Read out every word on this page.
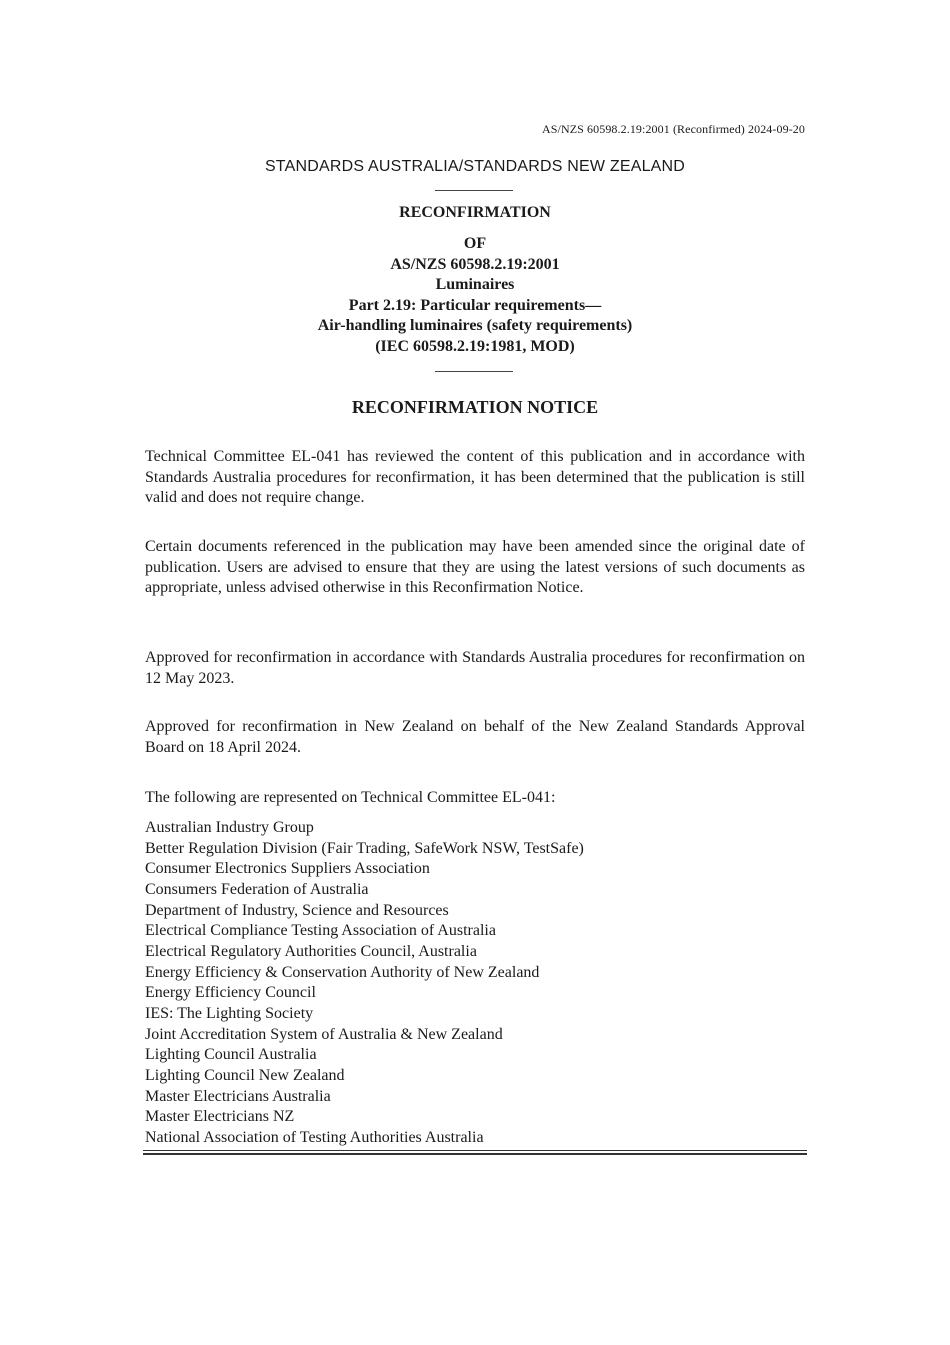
AS/NZS 60598.2.19:2001 (Reconfirmed) 2024-09-20
STANDARDS AUSTRALIA/STANDARDS NEW ZEALAND
RECONFIRMATION
OF
AS/NZS 60598.2.19:2001
Luminaires
Part 2.19: Particular requirements—
Air-handling luminaires (safety requirements)
(IEC 60598.2.19:1981, MOD)
RECONFIRMATION NOTICE

Technical Committee EL-041 has reviewed the content of this publication and in accordance with Standards Australia procedures for reconfirmation, it has been determined that the publication is still valid and does not require change.

Certain documents referenced in the publication may have been amended since the original date of publication. Users are advised to ensure that they are using the latest versions of such documents as appropriate, unless advised otherwise in this Reconfirmation Notice.

Approved for reconfirmation in accordance with Standards Australia procedures for reconfirmation on 12 May 2023.

Approved for reconfirmation in New Zealand on behalf of the New Zealand Standards Approval Board on 18 April 2024.

The following are represented on Technical Committee EL-041:

Australian Industry Group
Better Regulation Division (Fair Trading, SafeWork NSW, TestSafe)
Consumer Electronics Suppliers Association
Consumers Federation of Australia
Department of Industry, Science and Resources
Electrical Compliance Testing Association of Australia
Electrical Regulatory Authorities Council, Australia
Energy Efficiency & Conservation Authority of New Zealand
Energy Efficiency Council
IES: The Lighting Society
Joint Accreditation System of Australia & New Zealand
Lighting Council Australia
Lighting Council New Zealand
Master Electricians Australia
Master Electricians NZ
National Association of Testing Authorities Australia
